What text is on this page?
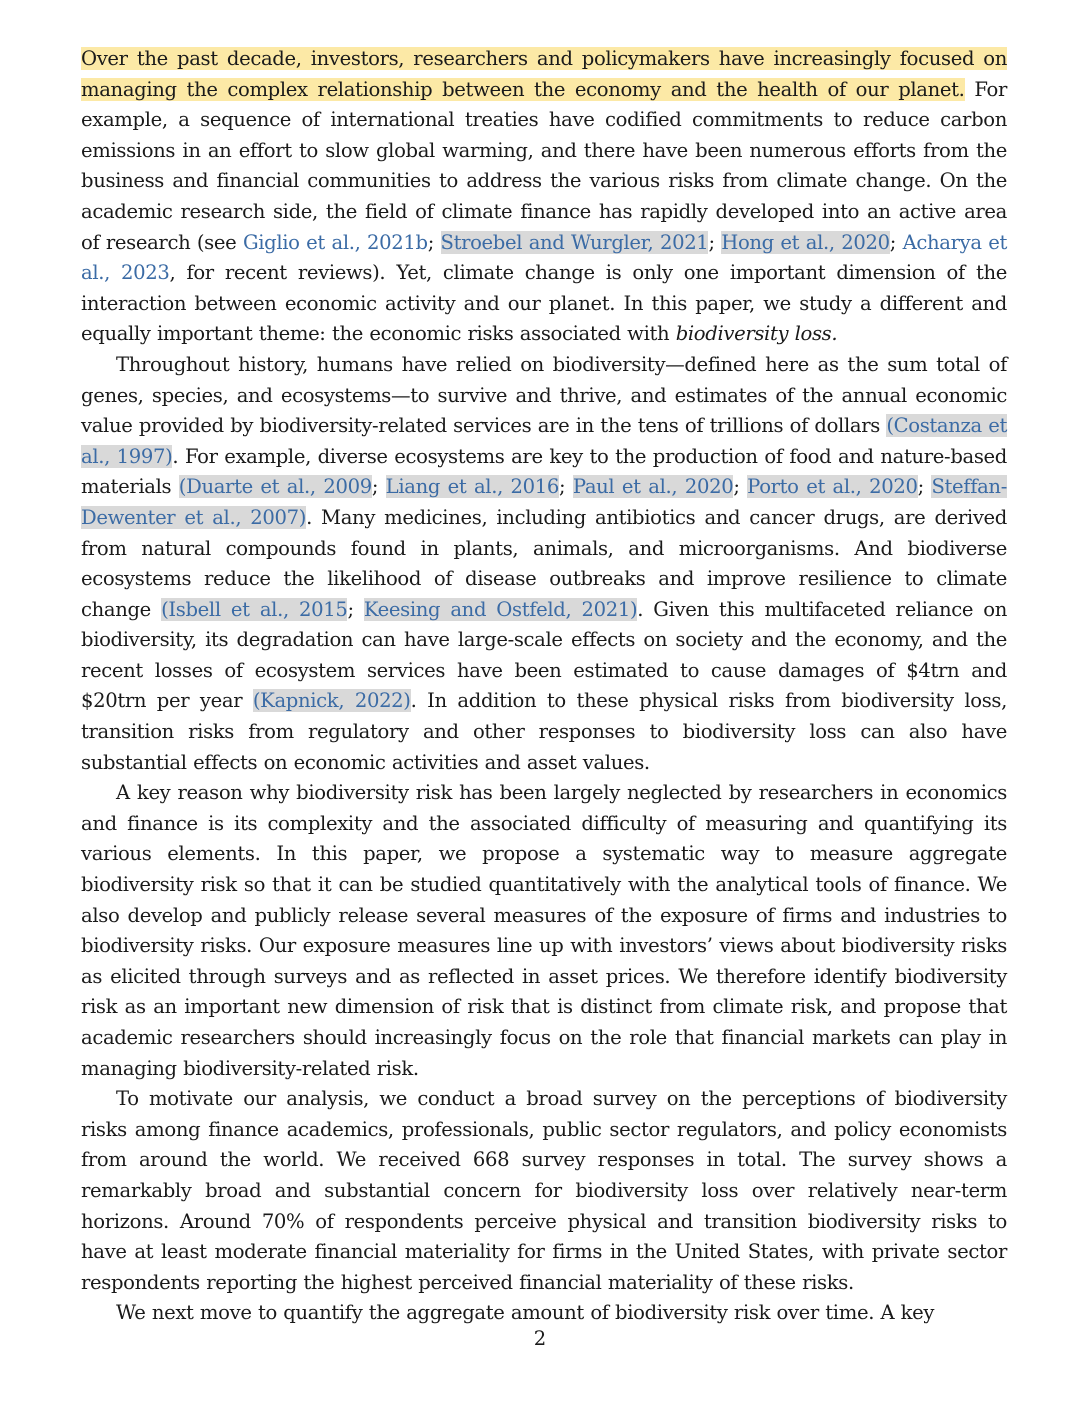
Over the past decade, investors, researchers and policymakers have increasingly focused on managing the complex relationship between the economy and the health of our planet. For example, a sequence of international treaties have codified commitments to reduce carbon emissions in an effort to slow global warming, and there have been numerous efforts from the business and financial communities to address the various risks from climate change. On the academic research side, the field of climate finance has rapidly developed into an active area of research (see Giglio et al., 2021b; Stroebel and Wurgler, 2021; Hong et al., 2020; Acharya et al., 2023, for recent reviews). Yet, climate change is only one important dimension of the interaction between economic activity and our planet. In this paper, we study a different and equally important theme: the economic risks associated with biodiversity loss.

Throughout history, humans have relied on biodiversity—defined here as the sum total of genes, species, and ecosystems—to survive and thrive, and estimates of the annual economic value provided by biodiversity-related services are in the tens of trillions of dollars (Costanza et al., 1997). For example, diverse ecosystems are key to the production of food and nature-based materials (Duarte et al., 2009; Liang et al., 2016; Paul et al., 2020; Porto et al., 2020; Steffan-Dewenter et al., 2007). Many medicines, including antibiotics and cancer drugs, are derived from natural compounds found in plants, animals, and microorganisms. And biodiverse ecosystems reduce the likelihood of disease outbreaks and improve resilience to climate change (Isbell et al., 2015; Keesing and Ostfeld, 2021). Given this multifaceted reliance on biodiversity, its degradation can have large-scale effects on society and the economy, and the recent losses of ecosystem services have been estimated to cause damages of $4trn and $20trn per year (Kapnick, 2022). In addition to these physical risks from biodiversity loss, transition risks from regulatory and other responses to biodiversity loss can also have substantial effects on economic activities and asset values.

A key reason why biodiversity risk has been largely neglected by researchers in economics and finance is its complexity and the associated difficulty of measuring and quantifying its various elements. In this paper, we propose a systematic way to measure aggregate biodiversity risk so that it can be studied quantitatively with the analytical tools of finance. We also develop and publicly release several measures of the exposure of firms and industries to biodiversity risks. Our exposure measures line up with investors’ views about biodiversity risks as elicited through surveys and as reflected in asset prices. We therefore identify biodiversity risk as an important new dimension of risk that is distinct from climate risk, and propose that academic researchers should increasingly focus on the role that financial markets can play in managing biodiversity-related risk.

To motivate our analysis, we conduct a broad survey on the perceptions of biodiversity risks among finance academics, professionals, public sector regulators, and policy economists from around the world. We received 668 survey responses in total. The survey shows a remarkably broad and substantial concern for biodiversity loss over relatively near-term horizons. Around 70% of respondents perceive physical and transition biodiversity risks to have at least moderate financial materiality for firms in the United States, with private sector respondents reporting the highest perceived financial materiality of these risks.

We next move to quantify the aggregate amount of biodiversity risk over time. A key

2
